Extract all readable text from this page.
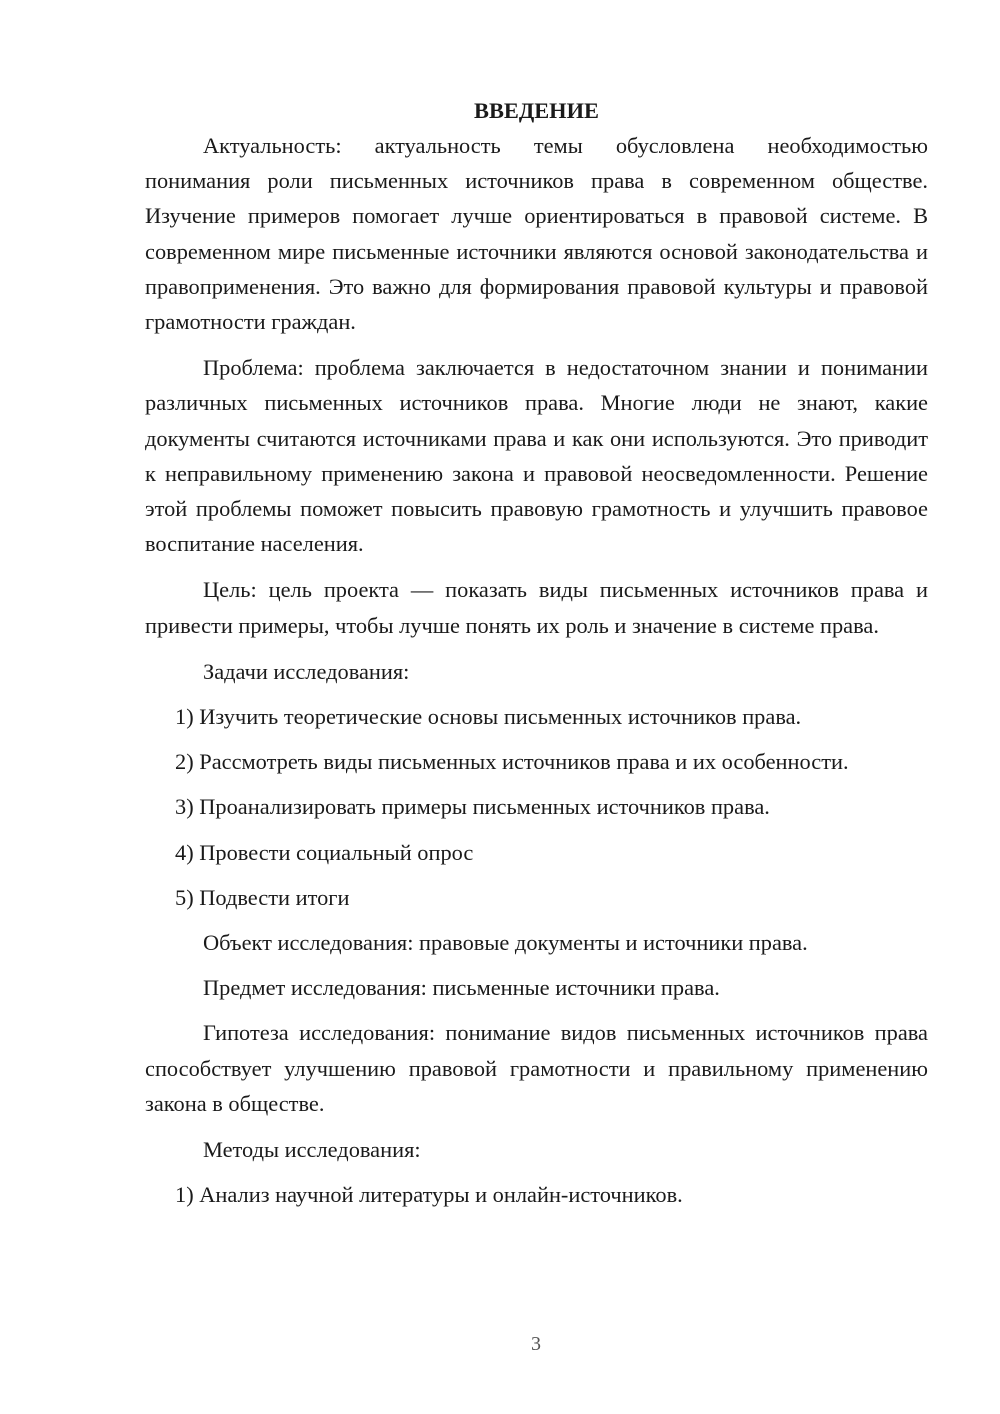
ВВЕДЕНИЕ

Актуальность: актуальность темы обусловлена необходимостью понимания роли письменных источников права в современном обществе. Изучение примеров помогает лучше ориентироваться в правовой системе. В современном мире письменные источники являются основой законодательства и правоприменения. Это важно для формирования правовой культуры и правовой грамотности граждан.

Проблема: проблема заключается в недостаточном знании и понимании различных письменных источников права. Многие люди не знают, какие документы считаются источниками права и как они используются. Это приводит к неправильному применению закона и правовой неосведомленности. Решение этой проблемы поможет повысить правовую грамотность и улучшить правовое воспитание населения.

Цель: цель проекта — показать виды письменных источников права и привести примеры, чтобы лучше понять их роль и значение в системе права.

Задачи исследования:

1) Изучить теоретические основы письменных источников права.

2) Рассмотреть виды письменных источников права и их особенности.

3) Проанализировать примеры письменных источников права.

4) Провести социальный опрос

5) Подвести итоги

Объект исследования: правовые документы и источники права.

Предмет исследования: письменные источники права.

Гипотеза исследования: понимание видов письменных источников права способствует улучшению правовой грамотности и правильному применению закона в обществе.

Методы исследования:

1) Анализ научной литературы и онлайн-источников.

3
